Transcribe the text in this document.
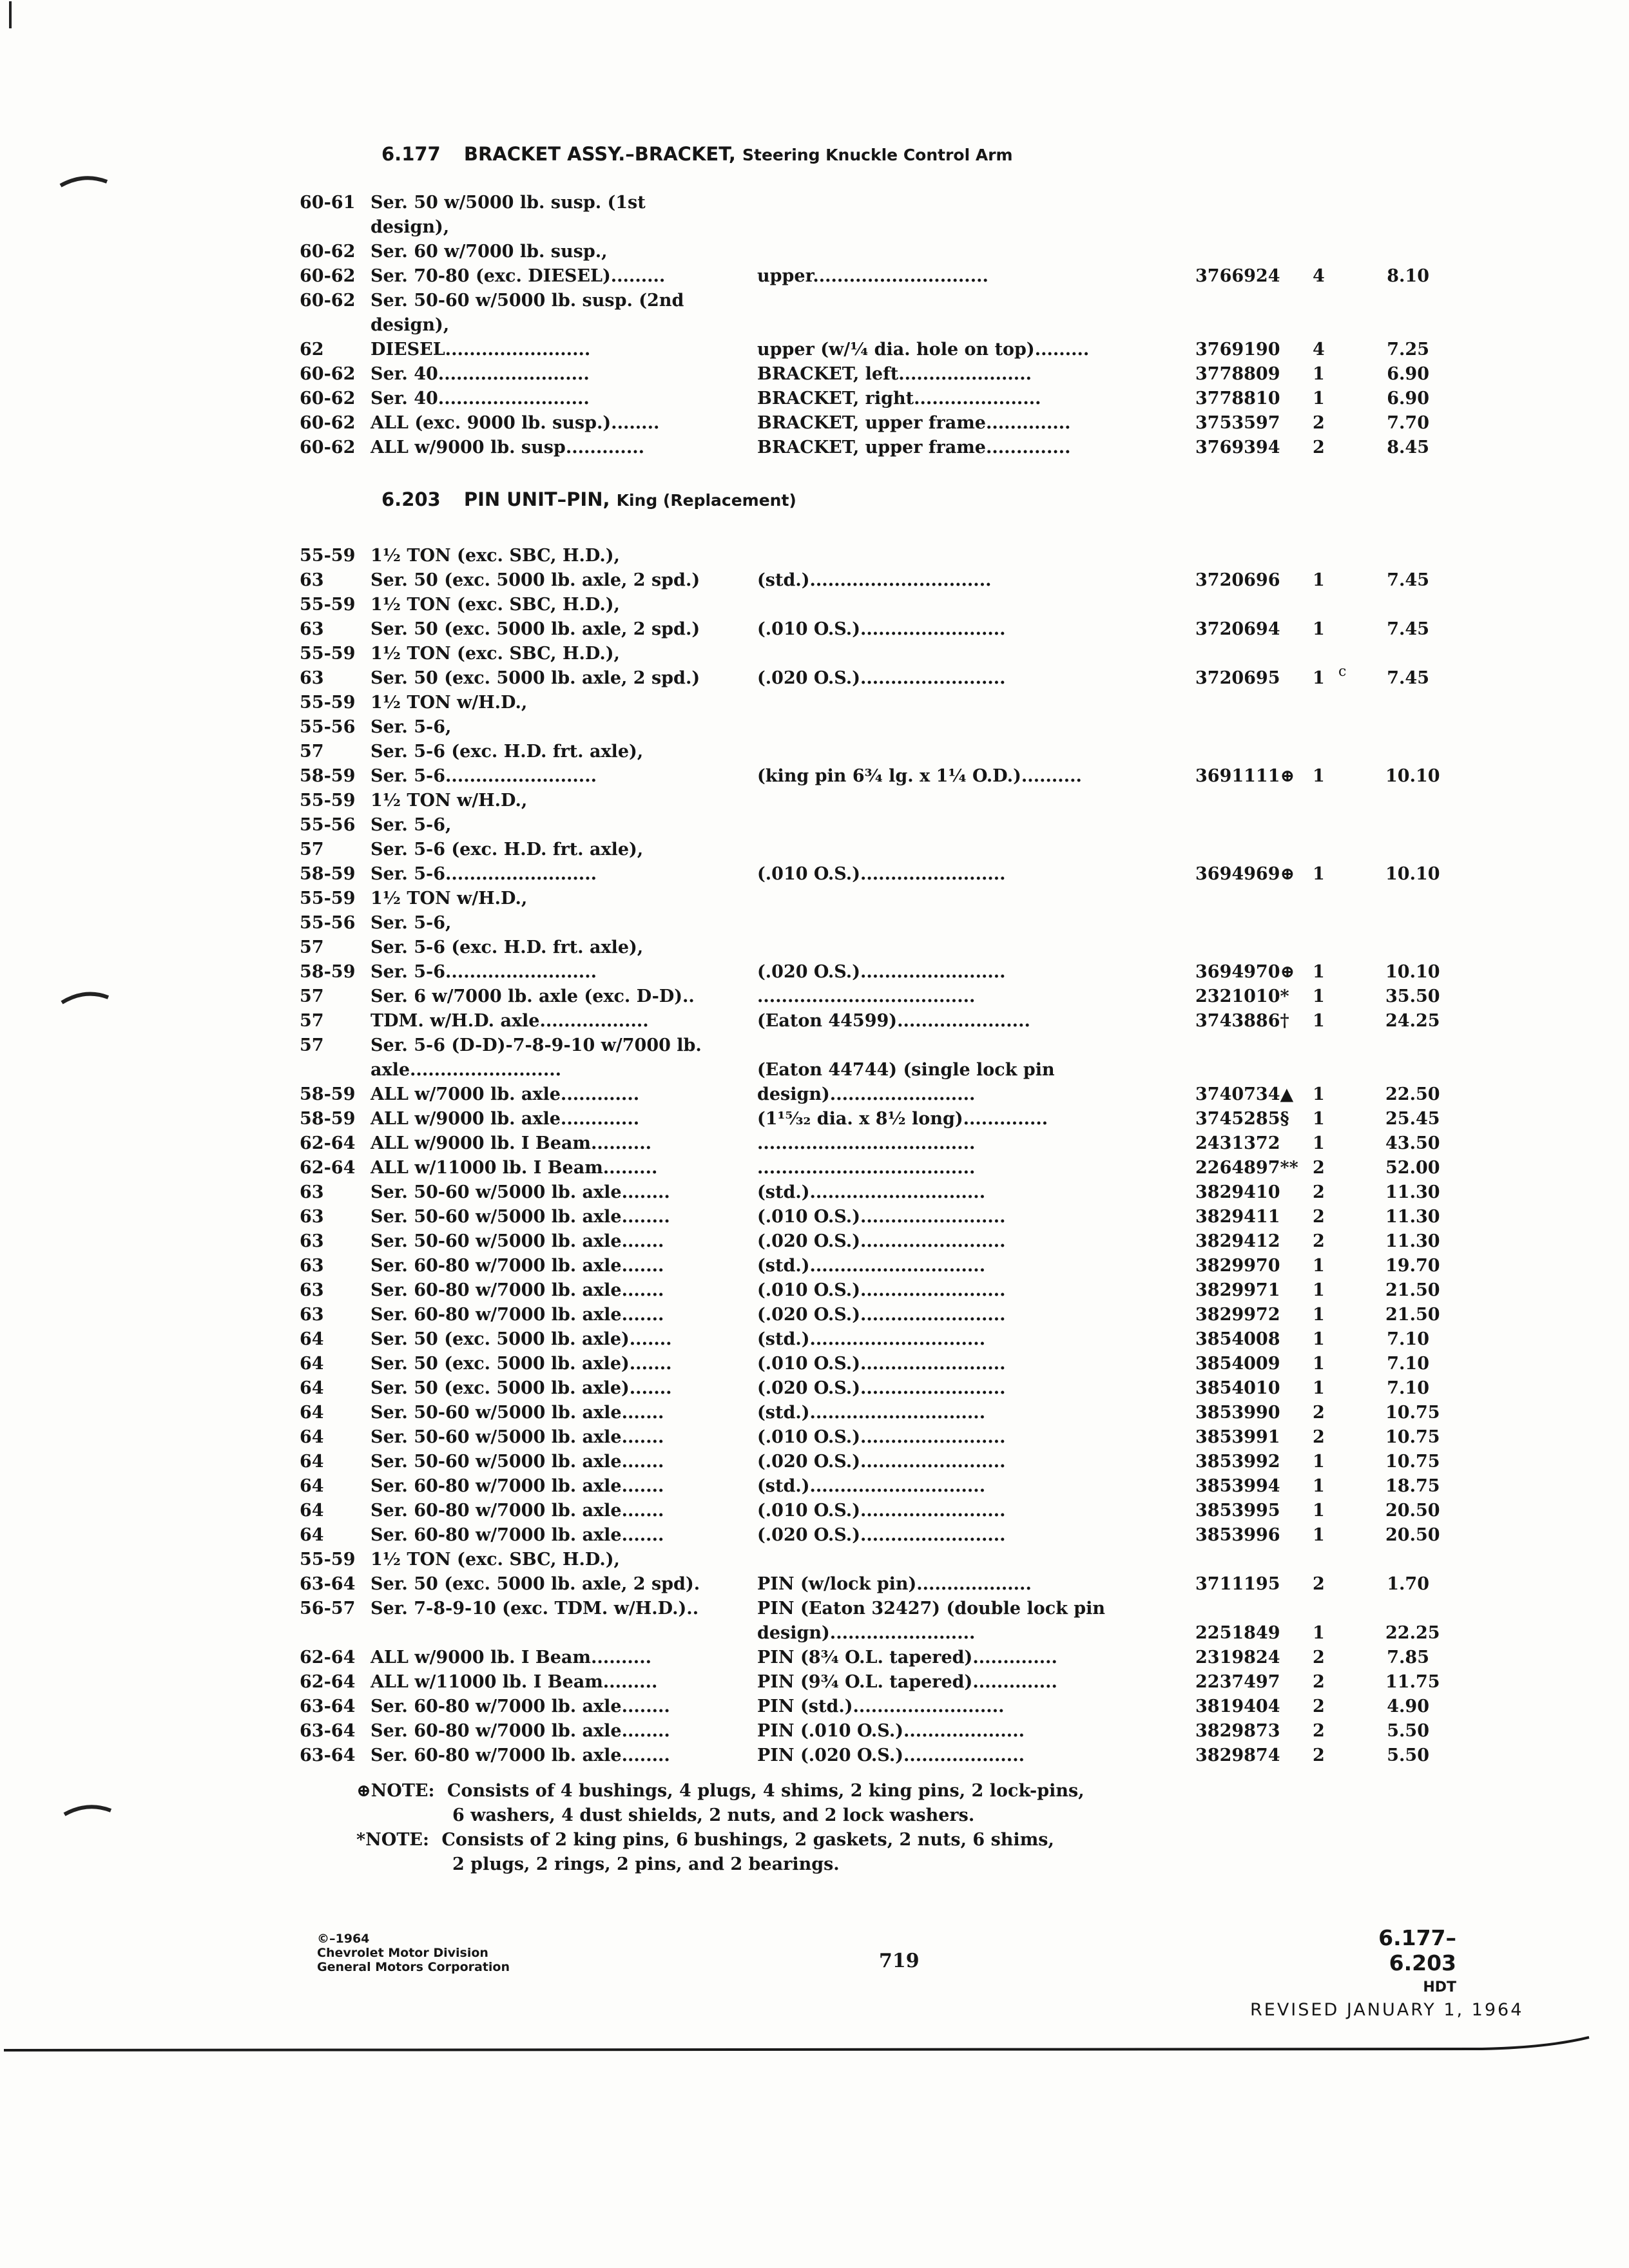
6.177 BRACKET ASSY.–BRACKET, Steering Knuckle Control Arm
60-61 Ser. 50 w/5000 lb. susp. (1st
design),
60-62 Ser. 60 w/7000 lb. susp.,
60-62 Ser. 70-80 (exc. DIESEL).........	upper.............................	3766924 4	8.10
60-62 Ser. 50-60 w/5000 lb. susp. (2nd
design),
62	DIESEL........................	upper (w/¼ dia. hole on top).........	3769190 4	7.25
60-62 Ser. 40.........................	BRACKET, left......................	3778809 1	6.90
60-62 Ser. 40.........................	BRACKET, right.....................	3778810 1	6.90
60-62 ALL (exc. 9000 lb. susp.)........	BRACKET, upper frame..............	3753597 2	7.70
60-62 ALL w/9000 lb. susp.............	BRACKET, upper frame..............	3769394 2	8.45
6.203 PIN UNIT–PIN, King (Replacement)
55-59 1½ TON (exc. SBC, H.D.),
63	Ser. 50 (exc. 5000 lb. axle, 2 spd.)	(std.)..............................	3720696 1	7.45
55-59 1½ TON (exc. SBC, H.D.),
63	Ser. 50 (exc. 5000 lb. axle, 2 spd.)	(.010 O.S.)........................	3720694 1	7.45
55-59 1½ TON (exc. SBC, H.D.),
63	Ser. 50 (exc. 5000 lb. axle, 2 spd.)	(.020 O.S.)........................	3720695 1	7.45
55-59 1½ TON w/H.D.,
55-56 Ser. 5-6,
57	Ser. 5-6 (exc. H.D. frt. axle),
58-59 Ser. 5-6.........................	(king pin 6¾ lg. x 1¼ O.D.)..........	3691111⊕ 1	10.10
55-59 1½ TON w/H.D.,
55-56 Ser. 5-6,
57	Ser. 5-6 (exc. H.D. frt. axle),
58-59 Ser. 5-6.........................	(.010 O.S.)........................	3694969⊕ 1	10.10
55-59 1½ TON w/H.D.,
55-56 Ser. 5-6,
57	Ser. 5-6 (exc. H.D. frt. axle),
58-59 Ser. 5-6.........................	(.020 O.S.)........................	3694970⊕ 1	10.10
57	Ser. 6 w/7000 lb. axle (exc. D-D)..	....................................	2321010* 1	35.50
57	TDM. w/H.D. axle..................	(Eaton 44599)......................	3743886† 1	24.25
57	Ser. 5-6 (D-D)-7-8-9-10 w/7000 lb.
axle.........................	(Eaton 44744) (single lock pin
58-59 ALL w/7000 lb. axle.............	design)........................	3740734▲ 1	22.50
58-59 ALL w/9000 lb. axle.............	(1¹⁵⁄₃₂ dia. x 8½ long)..............	3745285§ 1	25.45
62-64 ALL w/9000 lb. I Beam..........	....................................	2431372 1	43.50
62-64 ALL w/11000 lb. I Beam.........	....................................	2264897** 2	52.00
63	Ser. 50-60 w/5000 lb. axle........	(std.).............................	3829410 2	11.30
63	Ser. 50-60 w/5000 lb. axle........	(.010 O.S.)........................	3829411 2	11.30
63	Ser. 50-60 w/5000 lb. axle.......	(.020 O.S.)........................	3829412 2	11.30
63	Ser. 60-80 w/7000 lb. axle.......	(std.).............................	3829970 1	19.70
63	Ser. 60-80 w/7000 lb. axle.......	(.010 O.S.)........................	3829971 1	21.50
63	Ser. 60-80 w/7000 lb. axle.......	(.020 O.S.)........................	3829972 1	21.50
64	Ser. 50 (exc. 5000 lb. axle).......	(std.).............................	3854008 1	7.10
64	Ser. 50 (exc. 5000 lb. axle).......	(.010 O.S.)........................	3854009 1	7.10
64	Ser. 50 (exc. 5000 lb. axle).......	(.020 O.S.)........................	3854010 1	7.10
64	Ser. 50-60 w/5000 lb. axle.......	(std.).............................	3853990 2	10.75
64	Ser. 50-60 w/5000 lb. axle.......	(.010 O.S.)........................	3853991 2	10.75
64	Ser. 50-60 w/5000 lb. axle.......	(.020 O.S.)........................	3853992 1	10.75
64	Ser. 60-80 w/7000 lb. axle.......	(std.).............................	3853994 1	18.75
64	Ser. 60-80 w/7000 lb. axle.......	(.010 O.S.)........................	3853995 1	20.50
64	Ser. 60-80 w/7000 lb. axle.......	(.020 O.S.)........................	3853996 1	20.50
55-59 1½ TON (exc. SBC, H.D.),
63-64 Ser. 50 (exc. 5000 lb. axle, 2 spd).	PIN (w/lock pin)...................	3711195 2	1.70
56-57 Ser. 7-8-9-10 (exc. TDM. w/H.D.)..	PIN (Eaton 32427) (double lock pin
design)........................	2251849 1	22.25
62-64 ALL w/9000 lb. I Beam..........	PIN (8¾ O.L. tapered)..............	2319824 2	7.85
62-64 ALL w/11000 lb. I Beam.........	PIN (9¾ O.L. tapered)..............	2237497 2	11.75
63-64 Ser. 60-80 w/7000 lb. axle........	PIN (std.).........................	3819404 2	4.90
63-64 Ser. 60-80 w/7000 lb. axle........	PIN (.010 O.S.)....................	3829873 2	5.50
63-64 Ser. 60-80 w/7000 lb. axle........	PIN (.020 O.S.)....................	3829874 2	5.50
c
⊕NOTE: Consists of 4 bushings, 4 plugs, 4 shims, 2 king pins, 2 lock-pins,
6 washers, 4 dust shields, 2 nuts, and 2 lock washers.
*NOTE: Consists of 2 king pins, 6 bushings, 2 gaskets, 2 nuts, 6 shims,
2 plugs, 2 rings, 2 pins, and 2 bearings.
©–1964
Chevrolet Motor Division
General Motors Corporation	719
6.177–6.203
HDT
REVISED JANUARY 1, 1964
